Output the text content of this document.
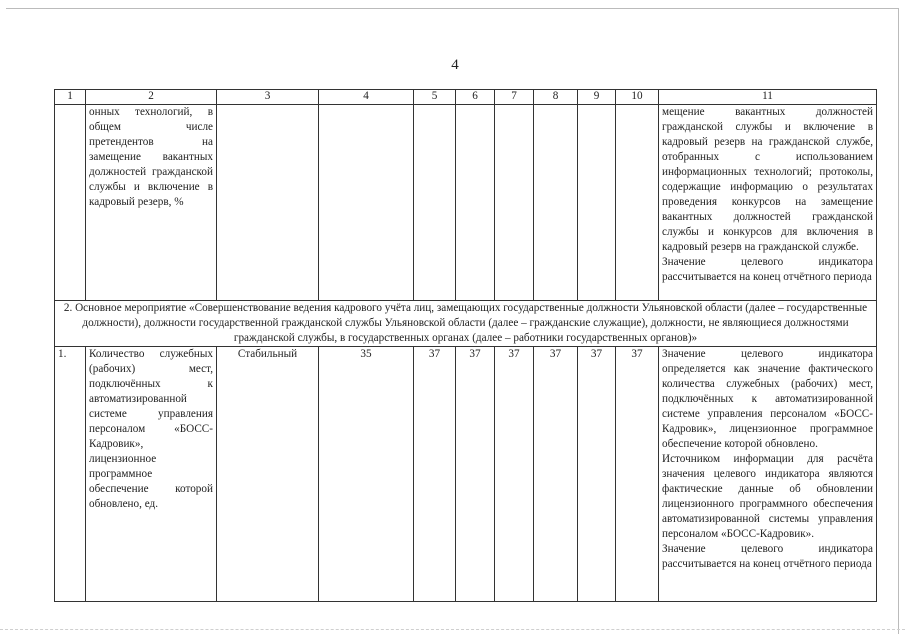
4
1	2	3	4	5	6	7	8	9	10	11
	онных технологий, в общем числе претендентов на замещение вакантных должностей гражданской службы и включение в кадровый резерв, %									мещение вакантных должностей гражданской службы и включение в кадровый резерв на гражданской службе, отобранных с использованием информационных технологий; протоколы, содержащие информацию о результатах проведения конкурсов на замещение вакантных должностей гражданской службы и конкурсов для включения в кадровый резерв на гражданской службе.
Значение целевого индикатора рассчитывается на конец отчётного периода

2. Основное мероприятие «Совершенствование ведения кадрового учёта лиц, замещающих государственные должности Ульяновской области (далее – государственные должности), должности государственной гражданской службы Ульяновской области (далее – гражданские служащие), должности, не являющиеся должностями гражданской службы, в государственных органах (далее – работники государственных органов)»										
1.	Количество служебных (рабочих) мест, подключённых к автоматизированной системе управления персоналом «БОСС-Кадровик», лицензионное программное обеспечение которой обновлено, ед.	Стабильный	35	37	37	37	37	37	37	Значение целевого индикатора определяется как значение фактического количества служебных (рабочих) мест, подключённых к автоматизированной системе управления персоналом «БОСС-Кадровик», лицензионное программное обеспечение которой обновлено.
Источником информации для расчёта значения целевого индикатора являются фактические данные об обновлении лицензионного программного обеспечения автоматизированной системы управления персоналом «БОСС-Кадровик».
Значение целевого индикатора рассчитывается на конец отчётного периода
